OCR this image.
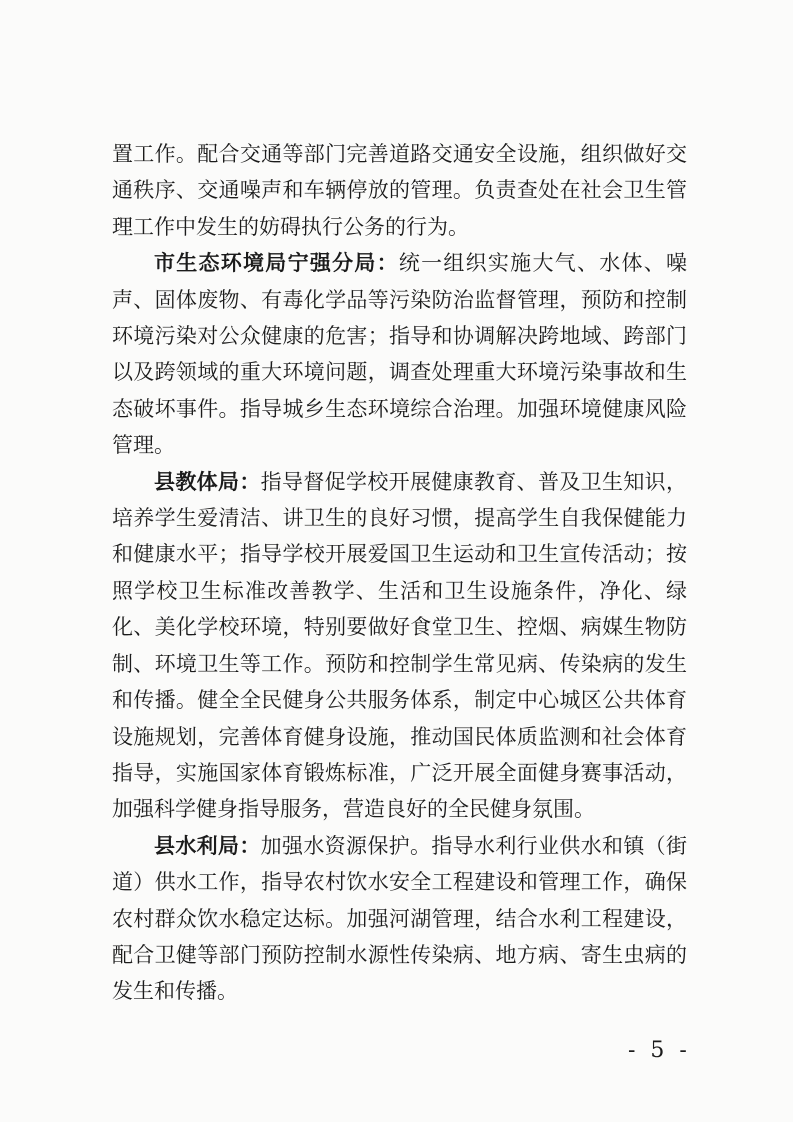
置工作。配合交通等部门完善道路交通安全设施，组织做好交通秩序、交通噪声和车辆停放的管理。负责查处在社会卫生管理工作中发生的妨碍执行公务的行为。

市生态环境局宁强分局：统一组织实施大气、水体、噪声、固体废物、有毒化学品等污染防治监督管理，预防和控制环境污染对公众健康的危害；指导和协调解决跨地域、跨部门以及跨领域的重大环境问题，调查处理重大环境污染事故和生态破坏事件。指导城乡生态环境综合治理。加强环境健康风险管理。

县教体局：指导督促学校开展健康教育、普及卫生知识，培养学生爱清洁、讲卫生的良好习惯，提高学生自我保健能力和健康水平；指导学校开展爱国卫生运动和卫生宣传活动；按照学校卫生标准改善教学、生活和卫生设施条件，净化、绿化、美化学校环境，特别要做好食堂卫生、控烟、病媒生物防制、环境卫生等工作。预防和控制学生常见病、传染病的发生和传播。健全全民健身公共服务体系，制定中心城区公共体育设施规划，完善体育健身设施，推动国民体质监测和社会体育指导，实施国家体育锻炼标准，广泛开展全面健身赛事活动，加强科学健身指导服务，营造良好的全民健身氛围。

县水利局：加强水资源保护。指导水利行业供水和镇（街道）供水工作，指导农村饮水安全工程建设和管理工作，确保农村群众饮水稳定达标。加强河湖管理，结合水利工程建设，配合卫健等部门预防控制水源性传染病、地方病、寄生虫病的发生和传播。

- 5 -
